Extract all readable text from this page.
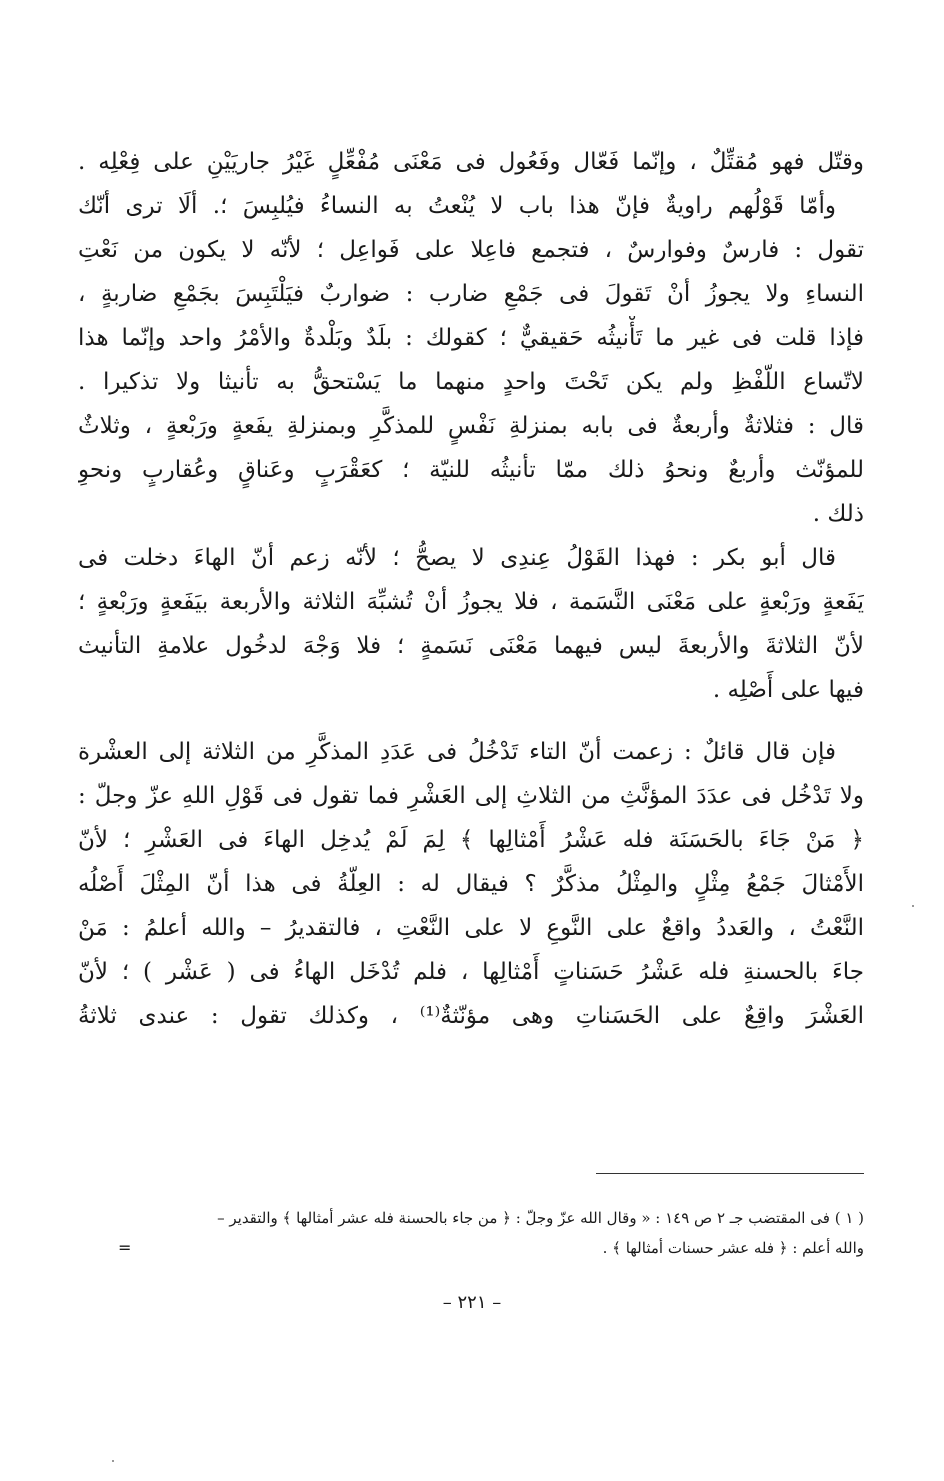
وقتّل فهو مُقتِّلٌ ، وإنّما فَعّال وفَعُول فى مَعْنَى مُفْعِّلٍ غَيْرُ جاريَيْنِ على فِعْلِه .
وأمّا قَوْلُهم راويةٌ فإنّ هذا باب لا يُنْعتُ به النساءُ فيُلبِسَ ؛. ألَا ترى أنّك
تقول : فارسٌ وفوارسٌ ، فتجمع فاعِلا على فَواعِل ؛ لأنّه لا يكون من نَعْتِ
النساءِ ولا يجوزُ أنْ تَقولَ فى جَمْعِ ضارب : ضواربٌ فيَلْتَبِسَ بجَمْعِ ضاربةٍ ،
فإذا قلت فى غير ما تَأْنيثُه حَقيقيٌّ ؛ كقولك : بلَدٌ وبَلْدةٌ والأمْرُ واحد وإنّما هذا
لاتّساع اللّفْظِ ولم يكن تَحْتَ واحدٍ منهما ما يَسْتحقُّ به تأنيثا ولا تذكيرا .
قال : فثلاثةٌ وأربعةٌ فى بابه بمنزلةِ نَفْسٍ للمذكَّرِ وبمنزلةِ يفَعةٍ ورَبْعةٍ ، وثلاثٌ
للمؤنّث وأربعٌ ونحوُ ذلك ممّا تأنيثُه للنيّة ؛ كعَقْرَبٍ وعَناقٍ وعُقاربٍ ونحوِ
ذلك .
قال أبو بكر : فهذا القَوْلُ عِندِى لا يصحُّ ؛ لأنّه زعم أنّ الهاءَ دخلت فى
يَفَعةٍ ورَبْعةٍ على مَعْنَى النَّسَمة ، فلا يجوزُ أنْ تُشبِّهَ الثلاثة والأربعة بيَفَعةٍ ورَبْعةٍ ؛
لأنّ الثلاثةَ والأربعةَ ليس فيهما مَعْنَى نَسَمةٍ ؛ فلا وَجْهَ لدخُول علامةِ التأنيث
فيها على أَصْلِه .
فإن قال قائلٌ : زعمت أنّ التاء تَدْخُلُ فى عَدَدِ المذكَّرِ من الثلاثة إلى العشْرة
ولا تَدْخُل فى عدَدَ المؤنَّثِ من الثلاثِ إلى العَشْرِ فما تقول فى قَوْلِ اللهِ عزّ وجلّ :
﴿ مَنْ جَاءَ بالحَسَنَة فله عَشْرُ أَمْثالِها ﴾ لِمَ لَمْ يُدخِل الهاءَ فى العَشْرِ ؛ لأنّ
الأَمْثالَ جَمْعُ مِثْلٍ والمِثْلُ مذكَّرٌ ؟ فيقال له : العِلّةُ فى هذا أنّ المِثْلَ أَصْلُه
النَّعْتُ ، والعَددُ واقعٌ على النَّوعِ لا على النَّعْتِ ، فالتقديرُ – والله أعلمُ : مَنْ
جاءَ بالحسنةِ فله عَشْرُ حَسَناتٍ أَمْثالِها ، فلم تُدْخَل الهاءُ فى ( عَشْر ) ؛ لأنّ
العَشْرَ واقِعٌ على الحَسَناتِ وهى مؤنّثةٌ⁽¹⁾ ، وكذلك تقول : عندى ثلاثةُ
( ١ ) فى المقتضب جـ ٢ ص ١٤٩ : « وقال الله عزّ وجلّ : ﴿ من جاء بالحسنة فله عشر أمثالها ﴾ والتقدير –
والله أعلم : ﴿ فله عشر حسنات أمثالها ﴾ .
=
– ٢٢١ –
